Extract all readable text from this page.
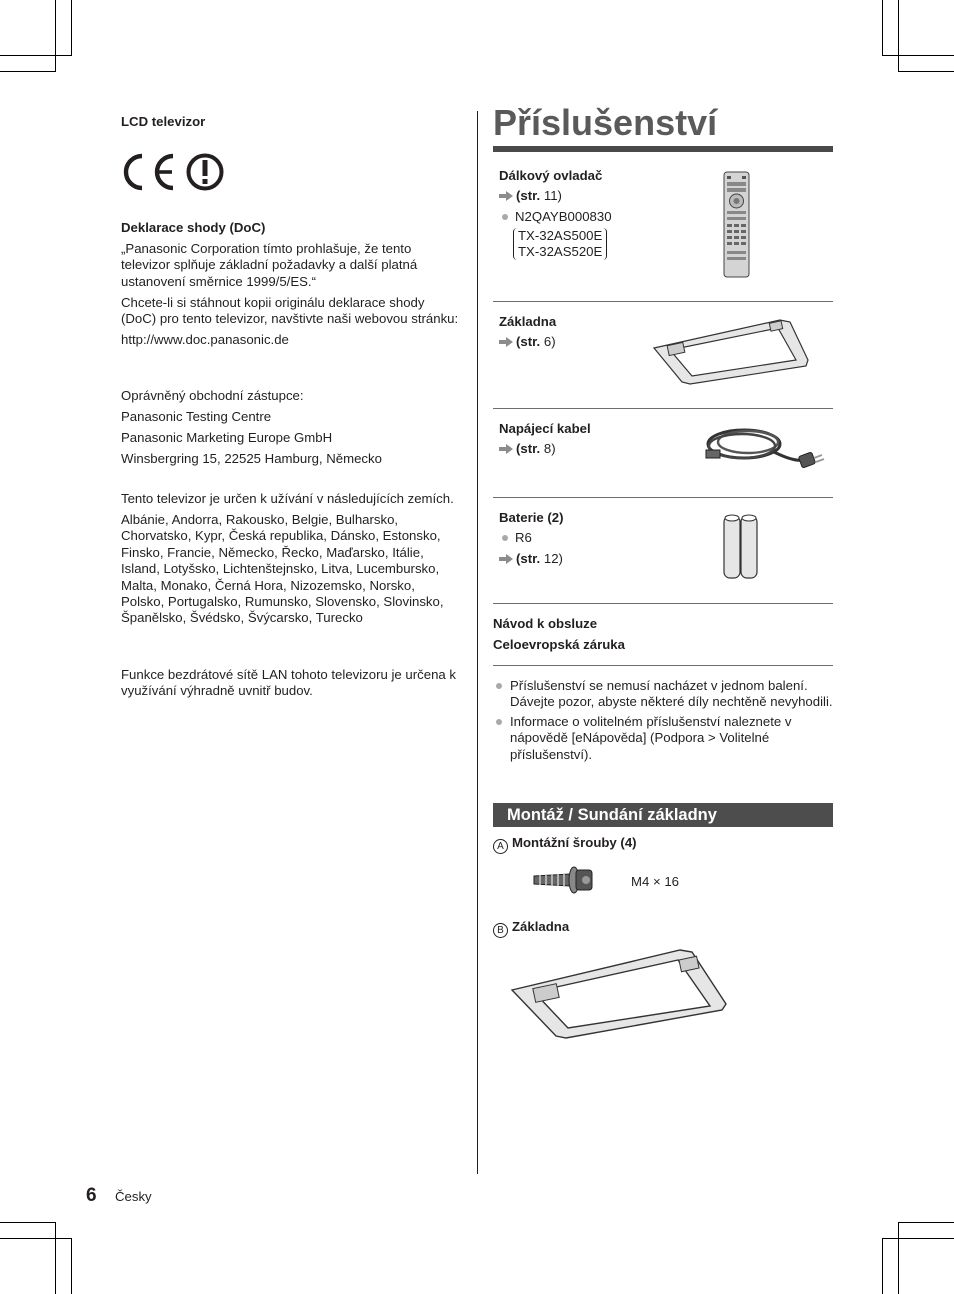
LCD televizor
Deklarace shody (DoC)
„Panasonic Corporation tímto prohlašuje, že tento televizor splňuje základní požadavky a další platná ustanovení směrnice 1999/5/ES.“
Chcete-li si stáhnout kopii originálu deklarace shody (DoC) pro tento televizor, navštivte naši webovou stránku:
http://www.doc.panasonic.de
Oprávněný obchodní zástupce:
Panasonic Testing Centre
Panasonic Marketing Europe GmbH
Winsbergring 15, 22525 Hamburg, Německo
Tento televizor je určen k užívání v následujících zemích.
Albánie, Andorra, Rakousko, Belgie, Bulharsko, Chorvatsko, Kypr, Česká republika, Dánsko, Estonsko, Finsko, Francie, Německo, Řecko, Maďarsko, Itálie, Island, Lotyšsko, Lichtenštejnsko, Litva, Lucembursko, Malta, Monako, Černá Hora, Nizozemsko, Norsko, Polsko, Portugalsko, Rumunsko, Slovensko, Slovinsko, Španělsko, Švédsko, Švýcarsko, Turecko
Funkce bezdrátové sítě LAN tohoto televizoru je určena k využívání výhradně uvnitř budov.
Příslušenství
Dálkový ovladač
(str. 11)
N2QAYB000830
TX-32AS500E
TX-32AS520E
Základna
(str. 6)
Napájecí kabel
(str. 8)
Baterie (2)
R6
(str. 12)
Návod k obsluze
Celoevropská záruka
Příslušenství se nemusí nacházet v jednom balení. Dávejte pozor, abyste některé díly nechtěně nevyhodili.
Informace o volitelném příslušenství naleznete v nápovědě [eNápověda] (Podpora > Volitelné příslušenství).
Montáž / Sundání základny
A Montážní šrouby (4)
M4 × 16
B Základna
6 Česky
